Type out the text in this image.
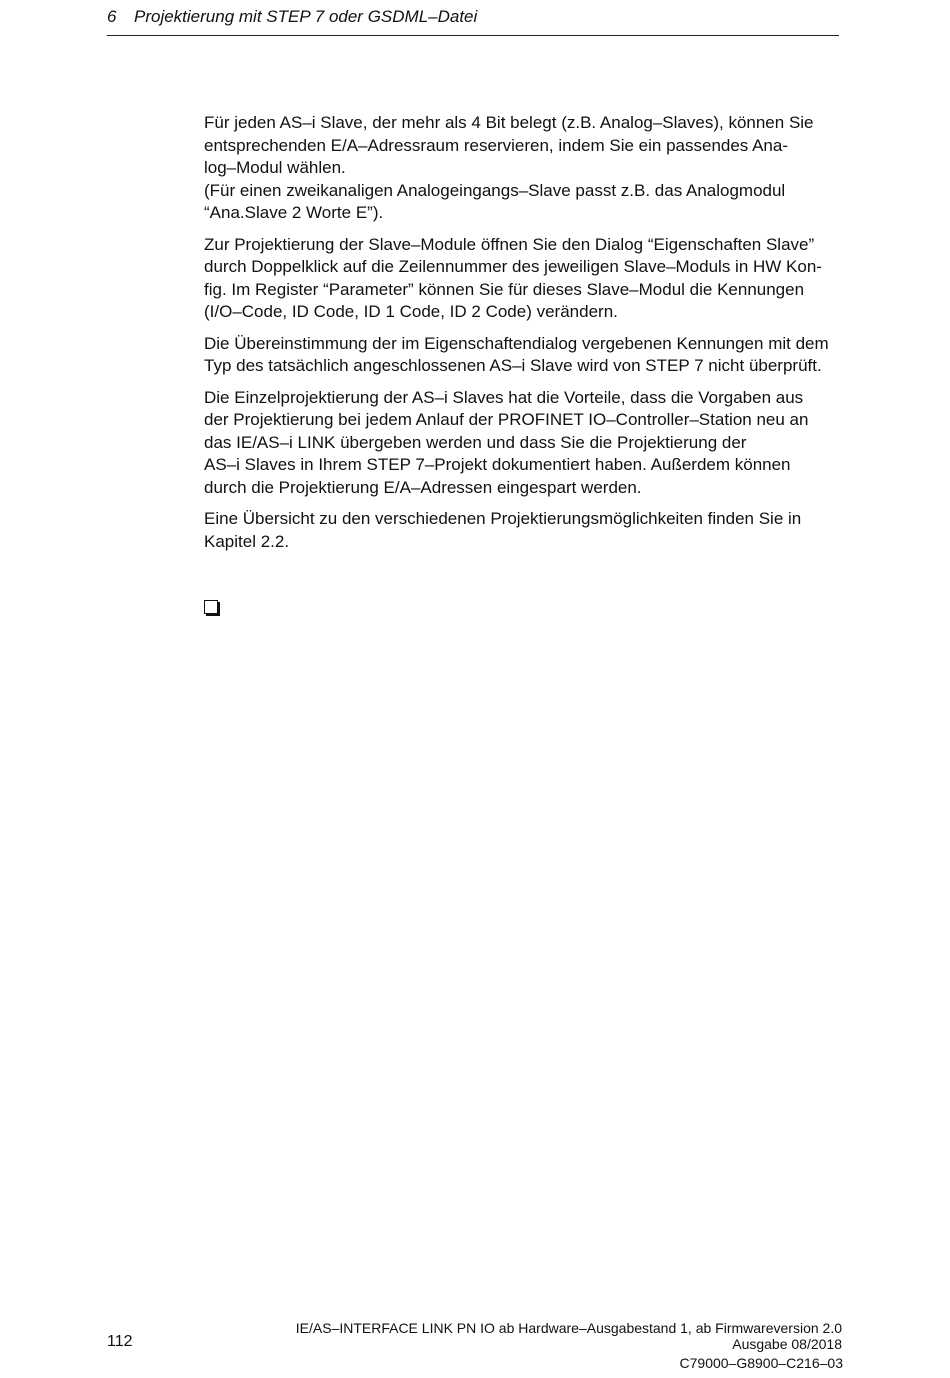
6 Projektierung mit STEP 7 oder GSDML–Datei

Für jeden AS–i Slave, der mehr als 4 Bit belegt (z.B. Analog–Slaves), können Sie
entsprechenden E/A–Adressraum reservieren, indem Sie ein passendes Ana-
log–Modul wählen.
(Für einen zweikanaligen Analogeingangs–Slave passt z.B. das Analogmodul
“Ana.Slave 2 Worte E”).

Zur Projektierung der Slave–Module öffnen Sie den Dialog “Eigenschaften Slave”
durch Doppelklick auf die Zeilennummer des jeweiligen Slave–Moduls in HW Kon-
fig. Im Register “Parameter” können Sie für dieses Slave–Modul die Kennungen
(I/O–Code, ID Code, ID 1 Code, ID 2 Code) verändern.

Die Übereinstimmung der im Eigenschaftendialog vergebenen Kennungen mit dem
Typ des tatsächlich angeschlossenen AS–i Slave wird von STEP 7 nicht überprüft.

Die Einzelprojektierung der AS–i Slaves hat die Vorteile, dass die Vorgaben aus
der Projektierung bei jedem Anlauf der PROFINET IO–Controller–Station neu an
das IE/AS–i LINK übergeben werden und dass Sie die Projektierung der
AS–i Slaves in Ihrem STEP 7–Projekt dokumentiert haben. Außerdem können
durch die Projektierung E/A–Adressen eingespart werden.

Eine Übersicht zu den verschiedenen Projektierungsmöglichkeiten finden Sie in
Kapitel 2.2.

112
IE/AS–INTERFACE LINK PN IO ab Hardware–Ausgabestand 1, ab Firmwareversion 2.0
Ausgabe 08/2018
C79000–G8900–C216–03
